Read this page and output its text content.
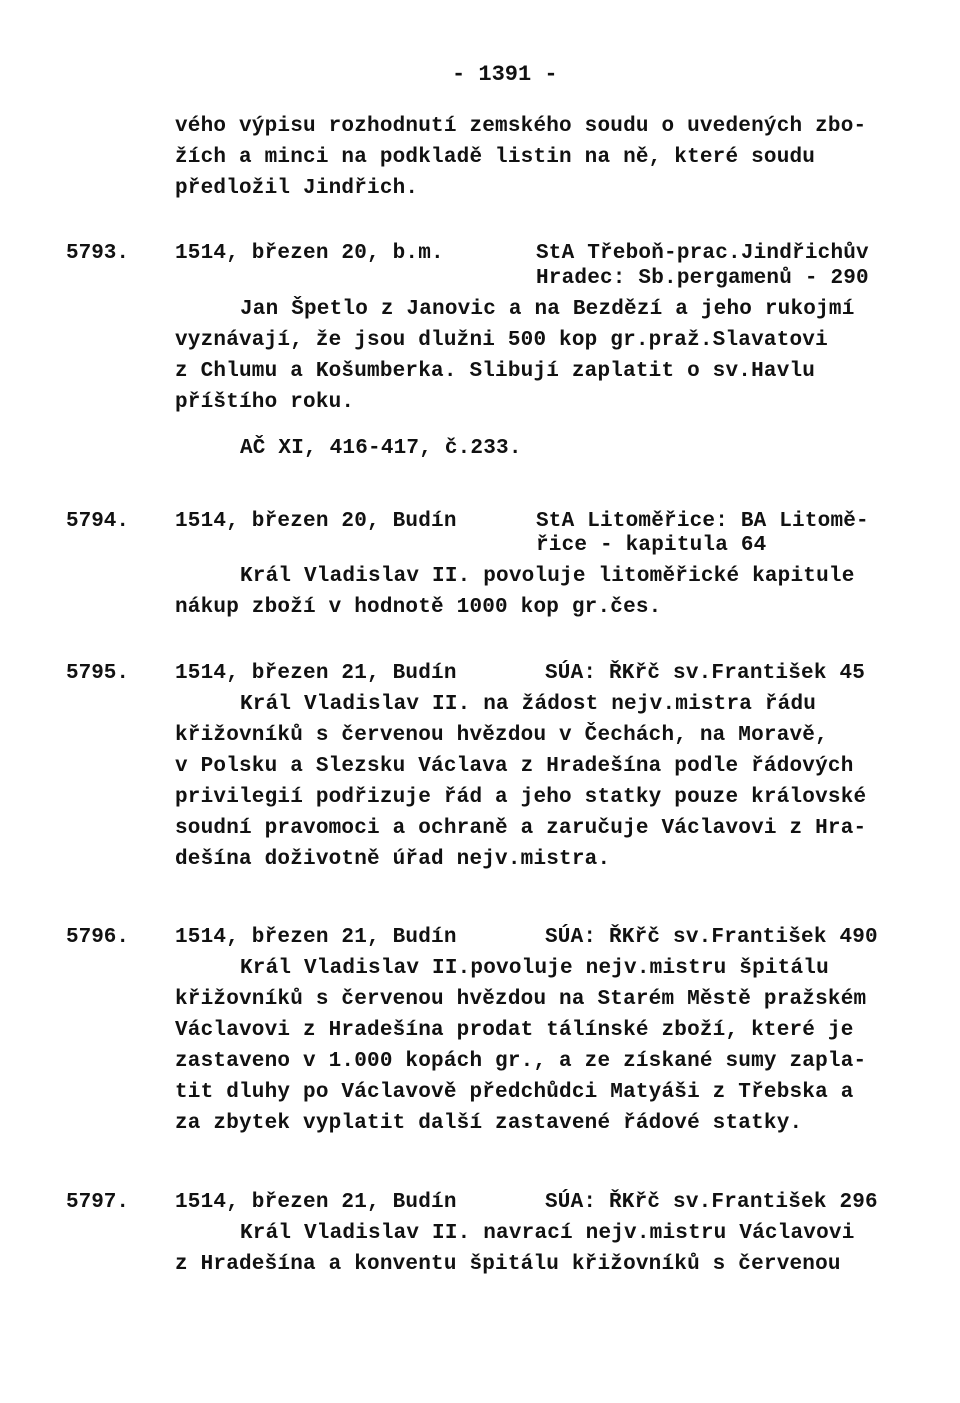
- 1391 -
vého výpisu rozhodnutí zemského soudu o uvedených zbo-
žích a minci na podkladě listin na ně, které soudu
předložil Jindřich.
5793. 1514, březen 20, b.m.	StA Třeboň-prac.Jindřichův
Hradec: Sb.pergamenů - 290
Jan Špetlo z Janovic a na Bezdězí a jeho rukojmí
vyznávají, že jsou dlužni 500 kop gr.praž.Slavatovi
z Chlumu a Košumberka. Slibují zaplatit o sv.Havlu
příštího roku.
AČ XI, 416-417, č.233.
5794. 1514, březen 20, Budín	StA Litoměřice: BA Litomě-
řice - kapitula 64
Král Vladislav II. povoluje litoměřické kapitule
nákup zboží v hodnotě 1000 kop gr.čes.
5795. 1514, březen 21, Budín	SÚA: ŘKřč sv.František 45
Král Vladislav II. na žádost nejv.mistra řádu
křižovníků s červenou hvězdou v Čechách, na Moravě,
v Polsku a Slezsku Václava z Hradešína podle řádových
privilegií podřizuje řád a jeho statky pouze královské
soudní pravomoci a ochraně a zaručuje Václavovi z Hra-
dešína doživotně úřad nejv.mistra.
5796. 1514, březen 21, Budín	SÚA: ŘKřč sv.František 490
Král Vladislav II.povoluje nejv.mistru špitálu
křižovníků s červenou hvězdou na Starém Městě pražském
Václavovi z Hradešína prodat tálínské zboží, které je
zastaveno v 1.000 kopách gr., a ze získané sumy zapla-
tit dluhy po Václavově předchůdci Matyáši z Třebska a
za zbytek vyplatit další zastavené řádové statky.
5797. 1514, březen 21, Budín	SÚA: ŘKřč sv.František 296
Král Vladislav II. navrací nejv.mistru Václavovi
z Hradešína a konventu špitálu křižovníků s červenou
